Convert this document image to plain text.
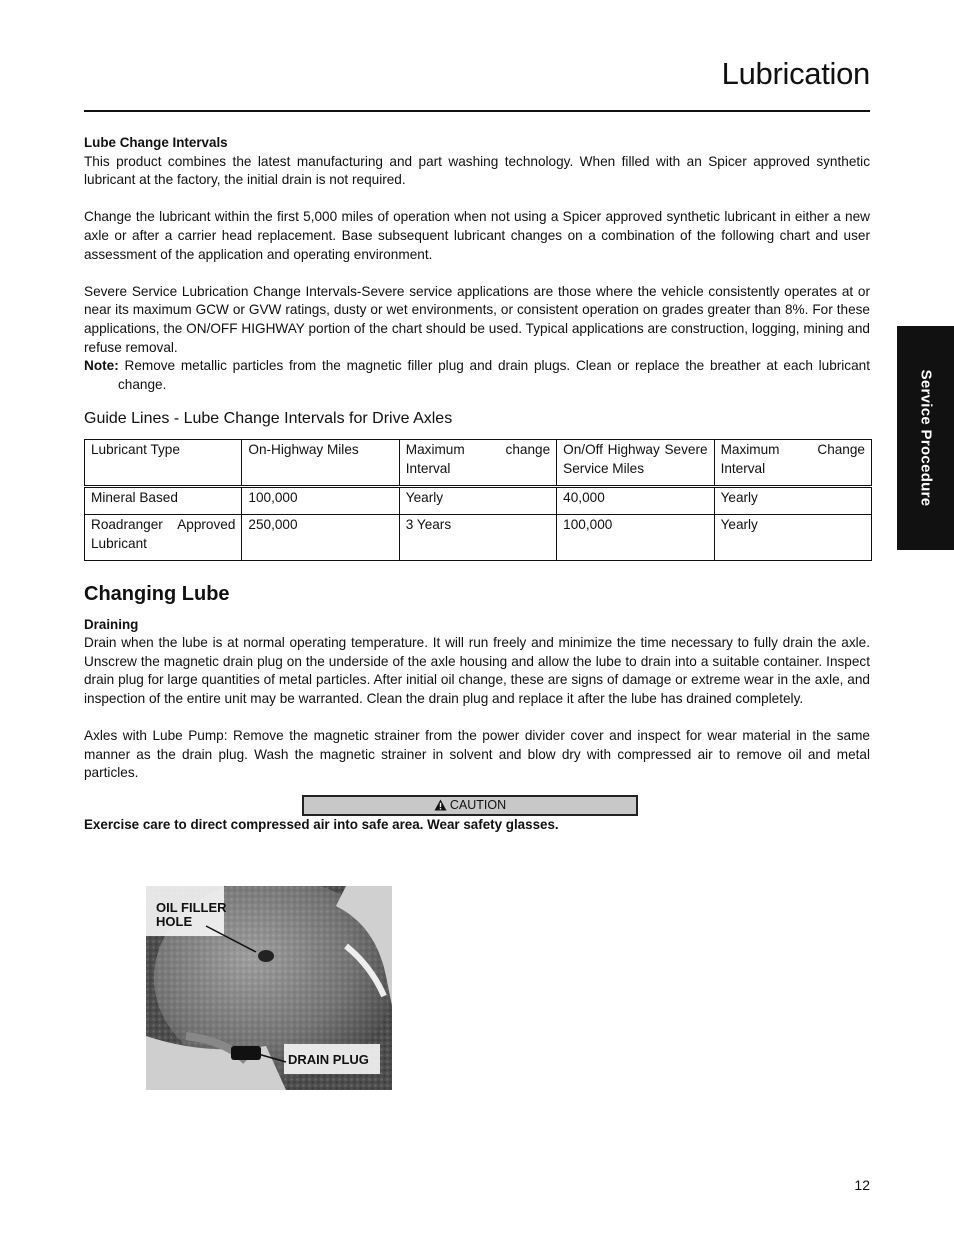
Lubrication
Service Procedure

Lube Change Intervals

This product combines the latest manufacturing and part washing technology. When filled with an Spicer approved synthetic lubricant at the factory, the initial drain is not required.

Change the lubricant within the first 5,000 miles of operation when not using a Spicer approved synthetic lubricant in either a new axle or after a carrier head replacement. Base subsequent lubricant changes on a combination of the following chart and user assessment of the application and operating environment.

Severe Service Lubrication Change Intervals-Severe service applications are those where the vehicle consistently operates at or near its maximum GCW or GVW ratings, dusty or wet environments, or consistent operation on grades greater than 8%. For these applications, the ON/OFF HIGHWAY portion of the chart should be used. Typical applications are construction, logging, mining and refuse removal.

Note: Remove metallic particles from the magnetic filler plug and drain plugs. Clean or replace the breather at each lubricant change.

Guide Lines - Lube Change Intervals for Drive Axles
Lubricant Type	On-Highway Miles	Maximum change Interval	On/Off Highway Severe Service Miles	Maximum Change Interval
Mineral Based	100,000	Yearly	40,000	Yearly
Roadranger Approved Lubricant	250,000	3 Years	100,000	Yearly
Changing Lube

Draining

Drain when the lube is at normal operating temperature. It will run freely and minimize the time necessary to fully drain the axle. Unscrew the magnetic drain plug on the underside of the axle housing and allow the lube to drain into a suitable container. Inspect drain plug for large quantities of metal particles. After initial oil change, these are signs of damage or extreme wear in the axle, and inspection of the entire unit may be warranted. Clean the drain plug and replace it after the lube has drained completely.

Axles with Lube Pump: Remove the magnetic strainer from the power divider cover and inspect for wear material in the same manner as the drain plug. Wash the magnetic strainer in solvent and blow dry with compressed air to remove oil and metal particles.

CAUTION

Exercise care to direct compressed air into safe area. Wear safety glasses.

OIL FILLER
HOLE
DRAIN PLUG
12
